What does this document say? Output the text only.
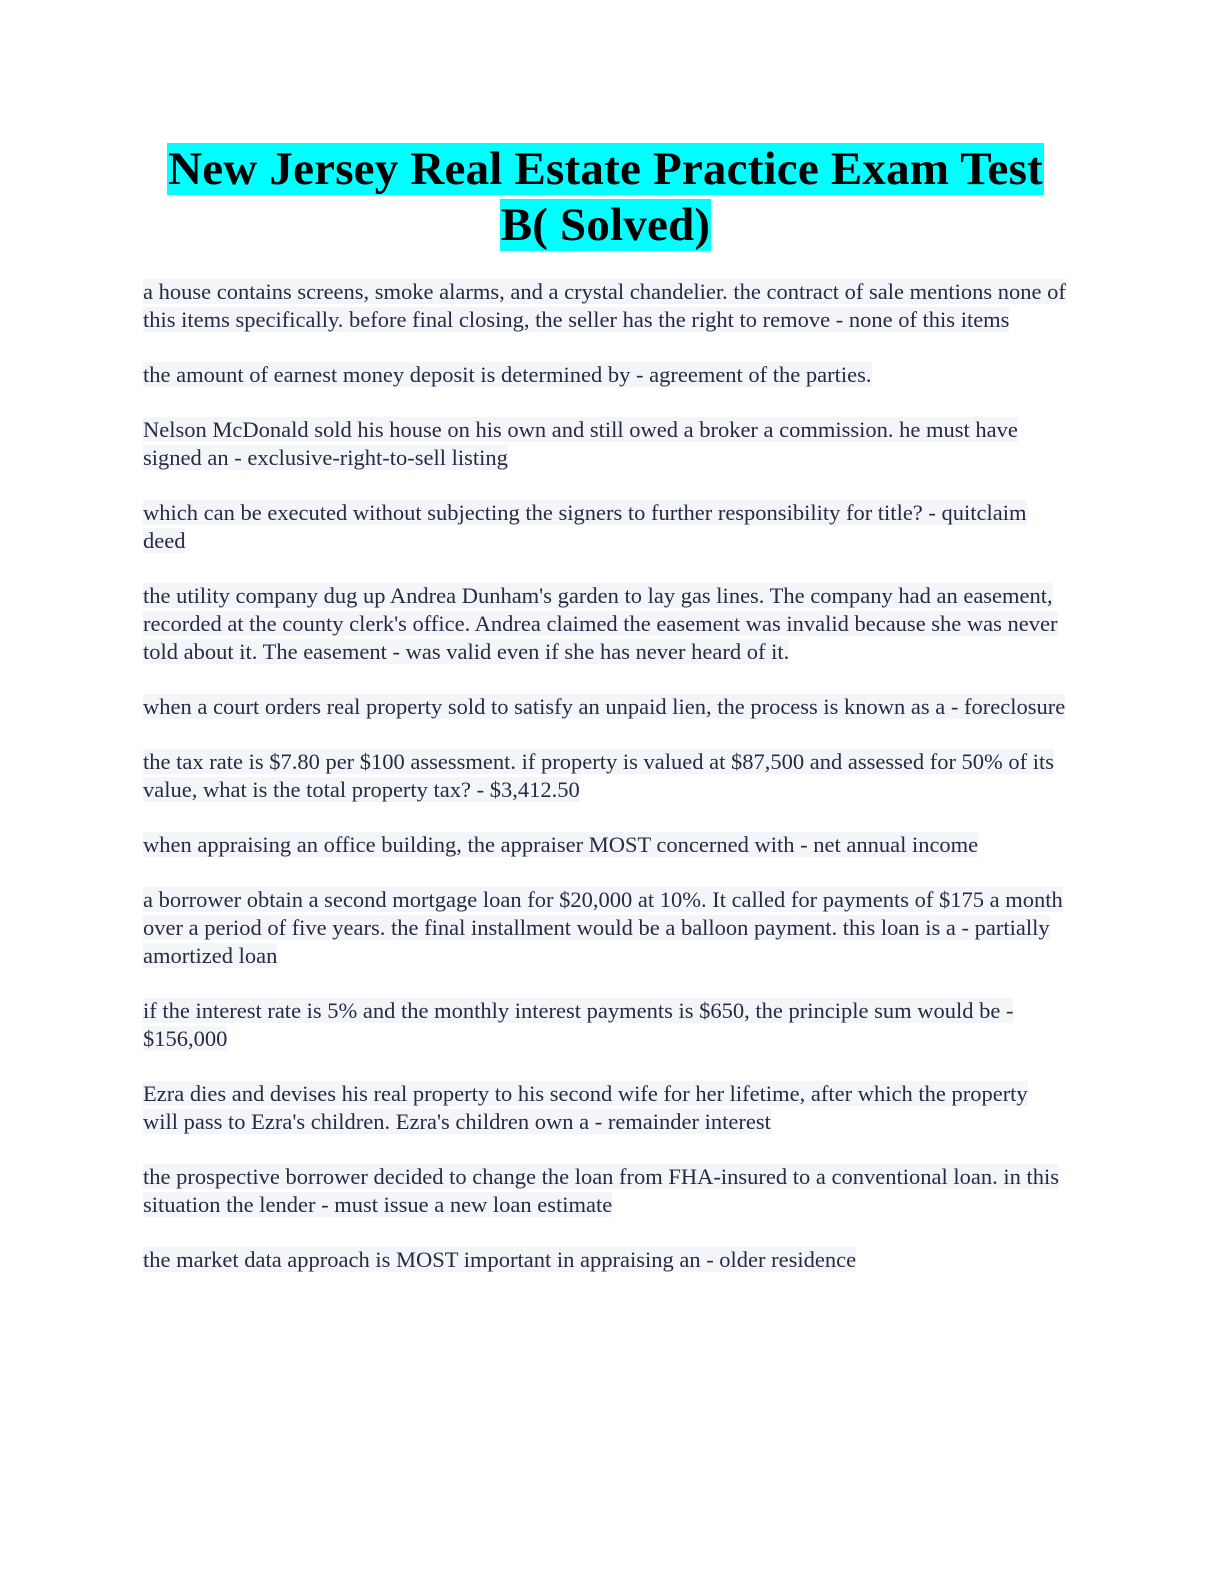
New Jersey Real Estate Practice Exam Test B( Solved)

a house contains screens, smoke alarms, and a crystal chandelier. the contract of sale mentions none of this items specifically. before final closing, the seller has the right to remove - none of this items

the amount of earnest money deposit is determined by - agreement of the parties.

Nelson McDonald sold his house on his own and still owed a broker a commission. he must have signed an - exclusive-right-to-sell listing

which can be executed without subjecting the signers to further responsibility for title? - quitclaim deed

the utility company dug up Andrea Dunham's garden to lay gas lines. The company had an easement, recorded at the county clerk's office. Andrea claimed the easement was invalid because she was never told about it. The easement - was valid even if she has never heard of it.

when a court orders real property sold to satisfy an unpaid lien, the process is known as a - foreclosure

the tax rate is $7.80 per $100 assessment. if property is valued at $87,500 and assessed for 50% of its value, what is the total property tax? - $3,412.50

when appraising an office building, the appraiser MOST concerned with - net annual income

a borrower obtain a second mortgage loan for $20,000 at 10%. It called for payments of $175 a month over a period of five years. the final installment would be a balloon payment. this loan is a - partially amortized loan

if the interest rate is 5% and the monthly interest payments is $650, the principle sum would be - $156,000

Ezra dies and devises his real property to his second wife for her lifetime, after which the property will pass to Ezra's children. Ezra's children own a - remainder interest

the prospective borrower decided to change the loan from FHA-insured to a conventional loan. in this situation the lender - must issue a new loan estimate

the market data approach is MOST important in appraising an - older residence
